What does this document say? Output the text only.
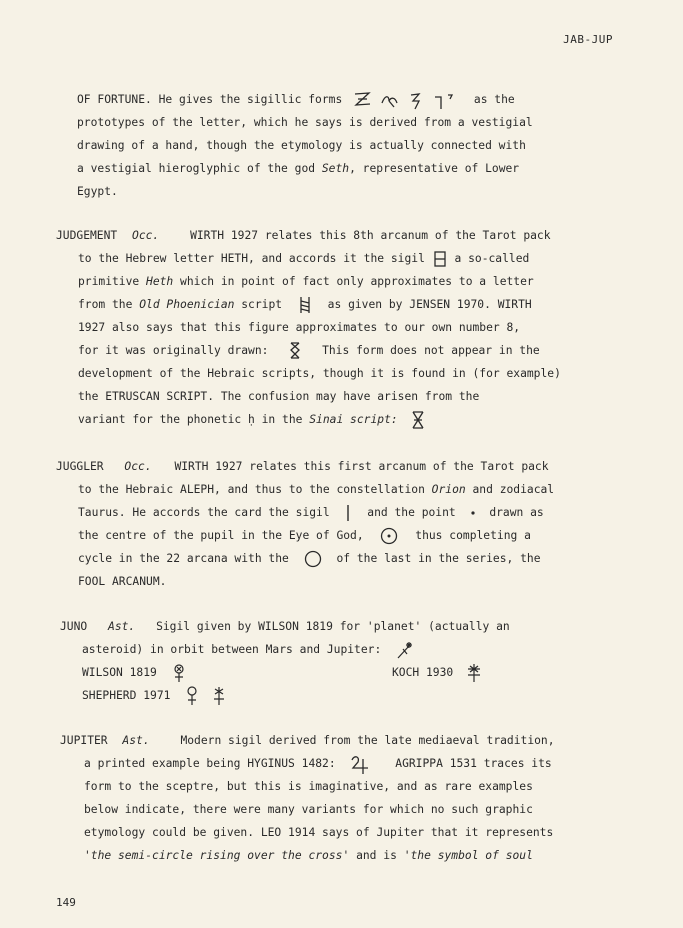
JAB-JUP
OF FORTUNE. He gives the sigillic forms	as the
prototypes of the letter, which he says is derived from a vestigial
drawing of a hand, though the etymology is actually connected with
a vestigial hieroglyphic of the god Seth, representative of Lower
Egypt.
JUDGEMENT Occ.	WIRTH 1927 relates this 8th arcanum of the Tarot pack
to the Hebrew letter HETH, and accords it the sigil	a so-called
primitive Heth which in point of fact only approximates to a letter
from the Old Phoenician script	as given by JENSEN 1970. WIRTH
1927 also says that this figure approximates to our own number 8,
for it was originally drawn:	This form does not appear in the
development of the Hebraic scripts, though it is found in (for example)
the ETRUSCAN SCRIPT. The confusion may have arisen from the
variant for the phonetic ḥ in the Sinai script:
JUGGLER Occ. WIRTH 1927 relates this first arcanum of the Tarot pack
to the Hebraic ALEPH, and thus to the constellation Orion and zodiacal
Taurus. He accords the card the sigil	and the point	drawn as
the centre of the pupil in the Eye of God,	thus completing a
cycle in the 22 arcana with the	of the last in the series, the
FOOL ARCANUM.
JUNO Ast. Sigil given by WILSON 1819 for 'planet' (actually an
asteroid) in orbit between Mars and Jupiter:
WILSON 1819	KOCH 1930
SHEPHERD 1971

JUPITER Ast.	Modern sigil derived from the late mediaeval tradition,
a printed example being HYGINUS 1482:	AGRIPPA 1531 traces its
form to the sceptre, but this is imaginative, and as rare examples
below indicate, there were many variants for which no such graphic
etymology could be given. LEO 1914 says of Jupiter that it represents
'the semi-circle rising over the cross' and is 'the symbol of soul
149
